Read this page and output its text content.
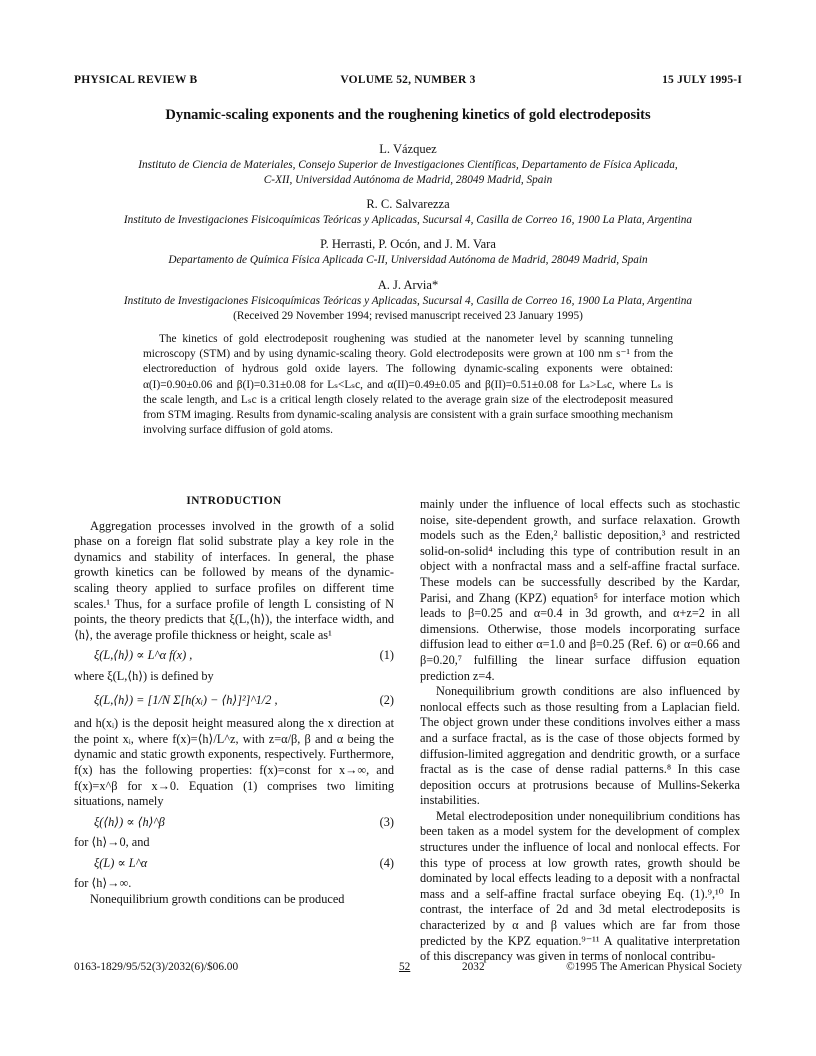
PHYSICAL REVIEW B	VOLUME 52, NUMBER 3	15 JULY 1995-I
Dynamic-scaling exponents and the roughening kinetics of gold electrodeposits
L. Vázquez
Instituto de Ciencia de Materiales, Consejo Superior de Investigaciones Científicas, Departamento de Física Aplicada,
C-XII, Universidad Autónoma de Madrid, 28049 Madrid, Spain
R. C. Salvarezza
Instituto de Investigaciones Fisicoquímicas Teóricas y Aplicadas, Sucursal 4, Casilla de Correo 16, 1900 La Plata, Argentina
P. Herrasti, P. Ocón, and J. M. Vara
Departamento de Química Física Aplicada C-II, Universidad Autónoma de Madrid, 28049 Madrid, Spain
A. J. Arvia*
Instituto de Investigaciones Fisicoquímicas Teóricas y Aplicadas, Sucursal 4, Casilla de Correo 16, 1900 La Plata, Argentina
(Received 29 November 1994; revised manuscript received 23 January 1995)
The kinetics of gold electrodeposit roughening was studied at the nanometer level by scanning tunneling microscopy (STM) and by using dynamic-scaling theory. Gold electrodeposits were grown at 100 nm s⁻¹ from the electroreduction of hydrous gold oxide layers. The following dynamic-scaling exponents were obtained: α(I)=0.90±0.06 and β(I)=0.31±0.08 for Lₛ<Lₛc, and α(II)=0.49±0.05 and β(II)=0.51±0.08 for Lₛ>Lₛc, where Lₛ is the scale length, and Lₛc is a critical length closely related to the average grain size of the electrodeposit measured from STM imaging. Results from dynamic-scaling analysis are consistent with a grain surface smoothing mechanism involving surface diffusion of gold atoms.

INTRODUCTION

Aggregation processes involved in the growth of a solid phase on a foreign flat solid substrate play a key role in the dynamics and stability of interfaces. In general, the phase growth kinetics can be followed by means of the dynamic-scaling theory applied to surface profiles on different time scales.¹ Thus, for a surface profile of length L consisting of N points, the theory predicts that ξ(L,⟨h⟩), the interface width, and ⟨h⟩, the average profile thickness or height, scale as¹

ξ(L,⟨h⟩) ∝ L^α f(x) ,	(1)

where ξ(L,⟨h⟩) is defined by

ξ(L,⟨h⟩) = [1/N Σ[h(xᵢ) − ⟨h⟩]²]^1/2 ,	(2)

and h(xᵢ) is the deposit height measured along the x direction at the point xᵢ, where f(x)=⟨h⟩/L^z, with z=α/β, β and α being the dynamic and static growth exponents, respectively. Furthermore, f(x) has the following properties: f(x)=const for x→∞, and f(x)=x^β for x→0. Equation (1) comprises two limiting situations, namely

ξ(⟨h⟩) ∝ ⟨h⟩^β	(3)

for ⟨h⟩→0, and

ξ(L) ∝ L^α	(4)

for ⟨h⟩→∞.

Nonequilibrium growth conditions can be produced

mainly under the influence of local effects such as stochastic noise, site-dependent growth, and surface relaxation. Growth models such as the Eden,² ballistic deposition,³ and restricted solid-on-solid⁴ including this type of contribution result in an object with a nonfractal mass and a self-affine fractal surface. These models can be successfully described by the Kardar, Parisi, and Zhang (KPZ) equation⁵ for interface motion which leads to β=0.25 and α=0.4 in 3d growth, and α+z=2 in all dimensions. Otherwise, those models incorporating surface diffusion lead to either α=1.0 and β=0.25 (Ref. 6) or α=0.66 and β=0.20,⁷ fulfilling the linear surface diffusion equation prediction z=4.

Nonequilibrium growth conditions are also influenced by nonlocal effects such as those resulting from a Laplacian field. The object grown under these conditions involves either a mass and a surface fractal, as is the case of those objects formed by diffusion-limited aggregation and dendritic growth, or a surface fractal as is the case of dense radial patterns.⁸ In this case deposition occurs at protrusions because of Mullins-Sekerka instabilities.

Metal electrodeposition under nonequilibrium conditions has been taken as a model system for the development of complex structures under the influence of local and nonlocal effects. For this type of process at low growth rates, growth should be dominated by local effects leading to a deposit with a nonfractal mass and a self-affine fractal surface obeying Eq. (1).⁹,¹⁰ In contrast, the interface of 2d and 3d metal electrodeposits is characterized by α and β values which are far from those predicted by the KPZ equation.⁹⁻¹¹ A qualitative interpretation of this discrepancy was given in terms of nonlocal contribu-

0163-1829/95/52(3)/2032(6)/$06.00	52	2032	©1995 The American Physical Society
